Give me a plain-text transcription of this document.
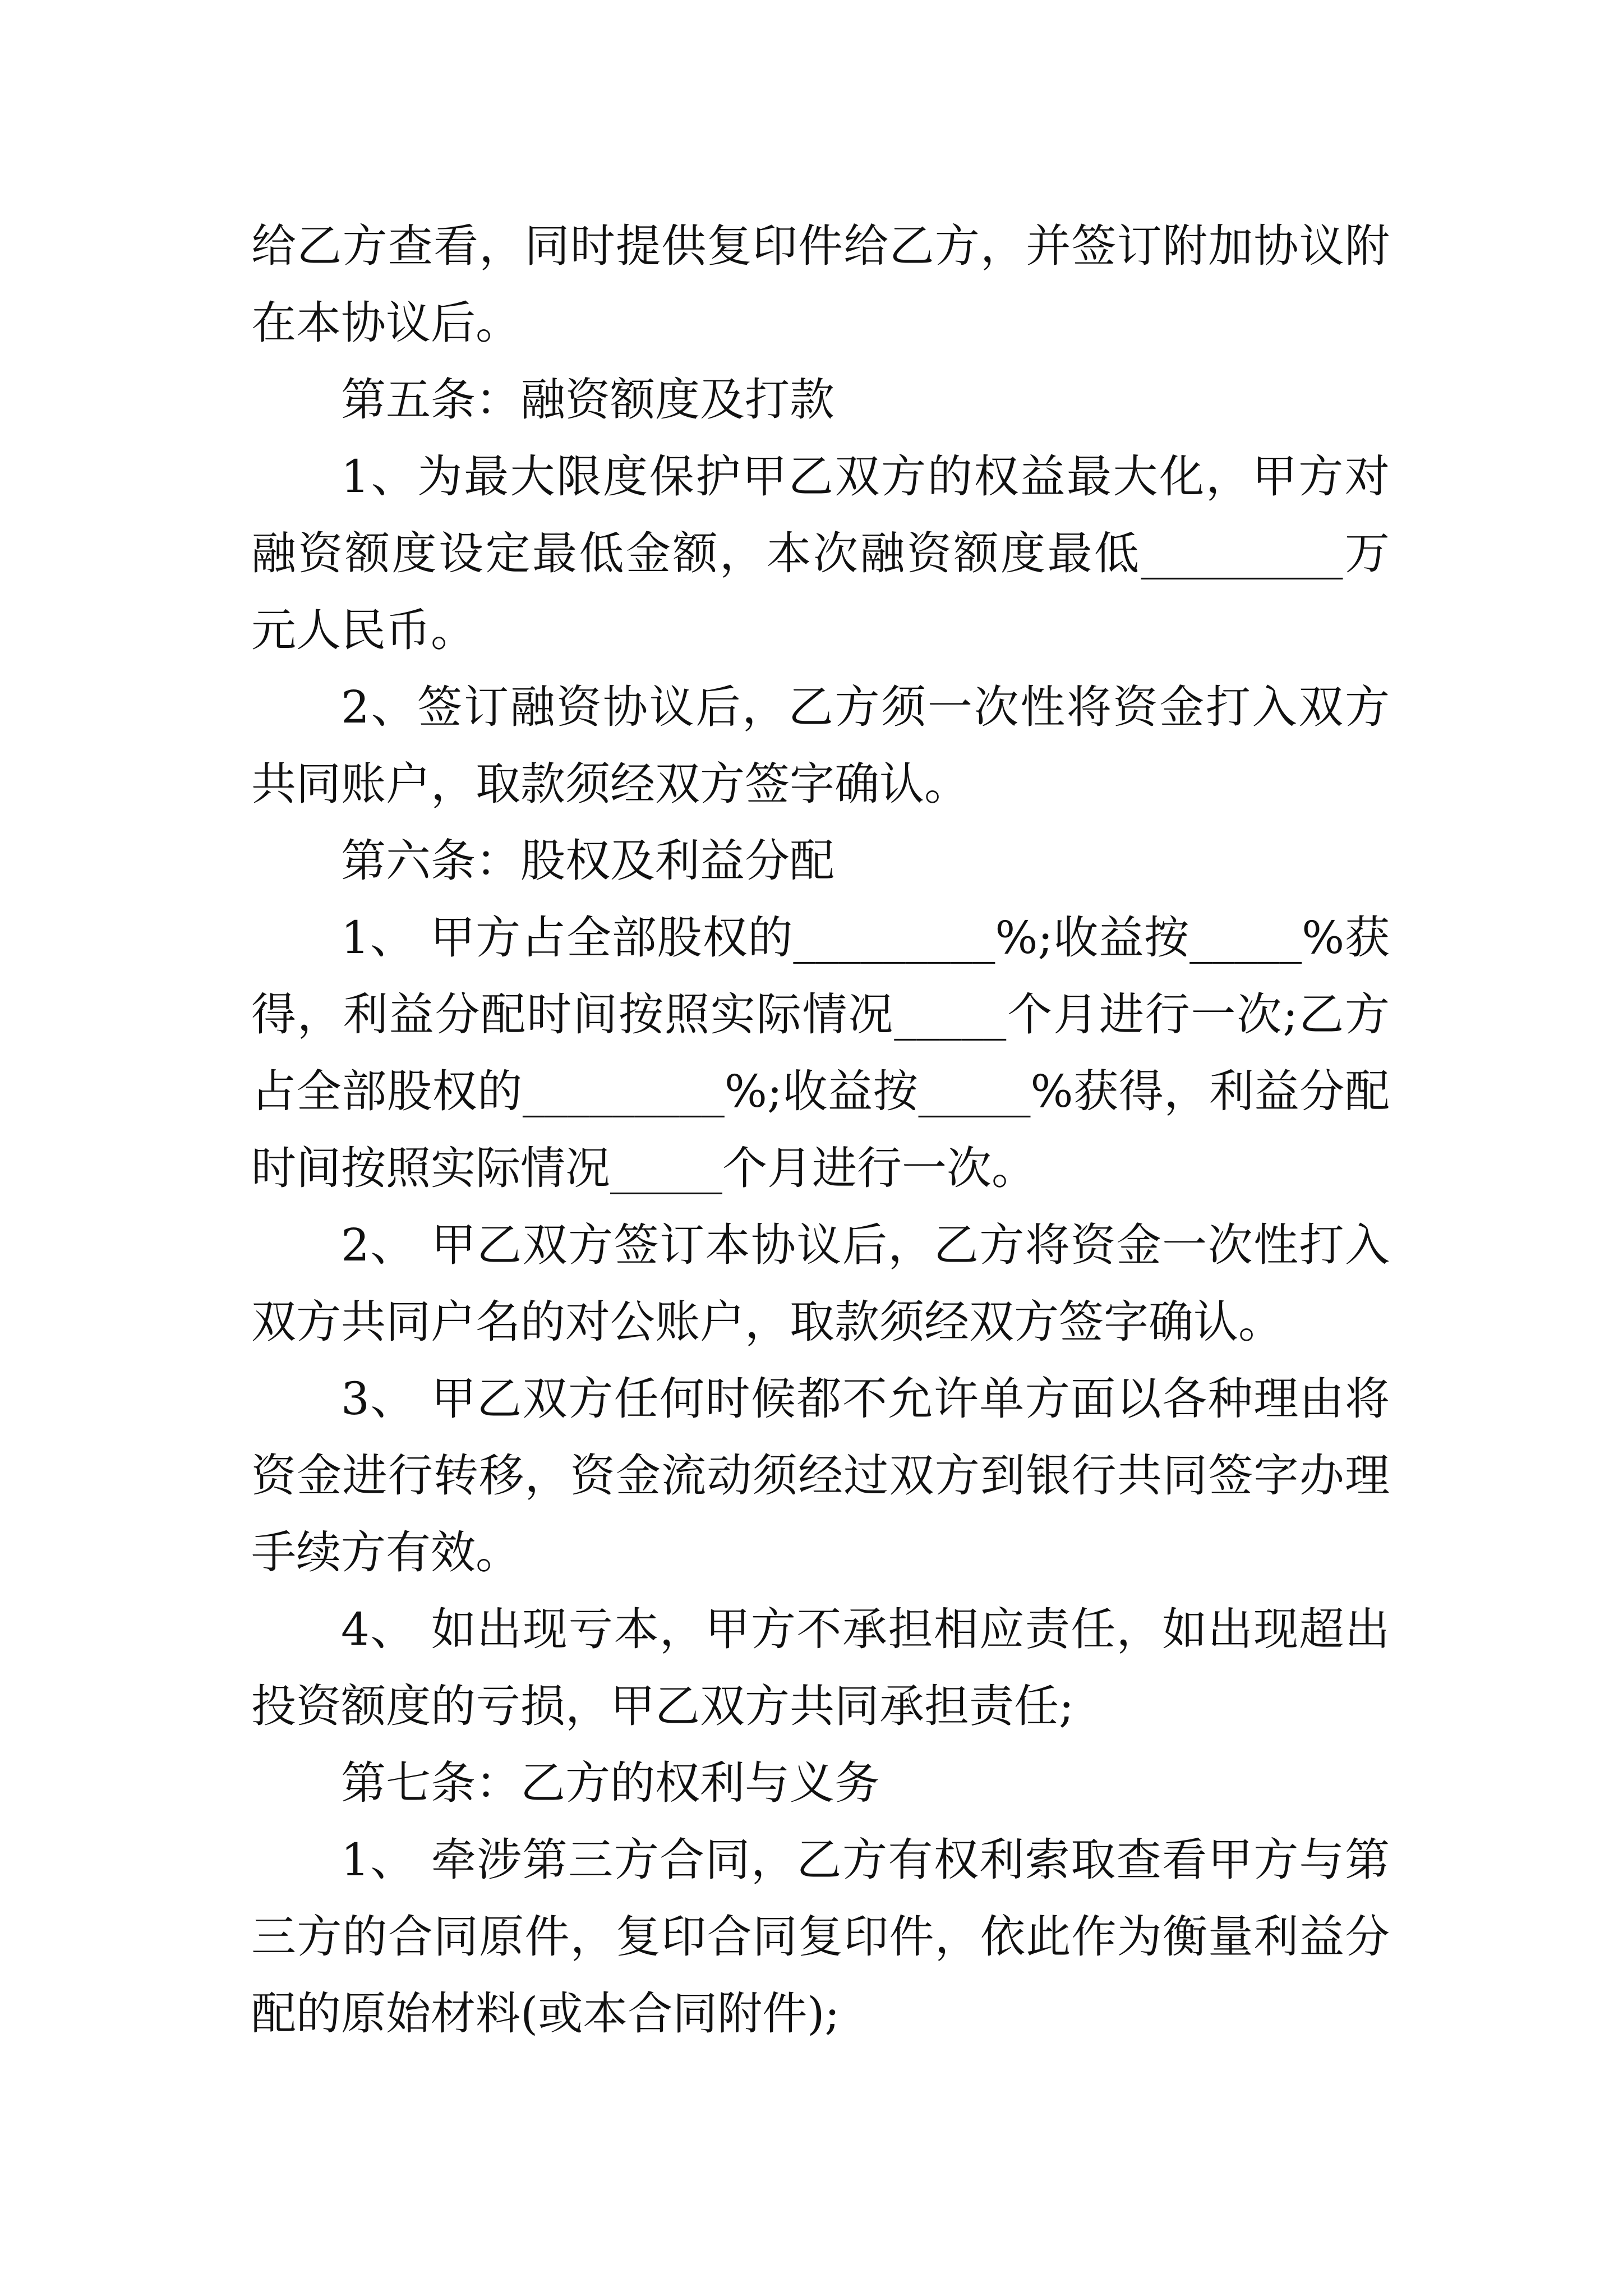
给乙方查看，同时提供复印件给乙方，并签订附加协议附在本协议后。

第五条：融资额度及打款

1、为最大限度保护甲乙双方的权益最大化，甲方对融资额度设定最低金额，本次融资额度最低_________万元人民币。

2、签订融资协议后，乙方须一次性将资金打入双方共同账户，取款须经双方签字确认。

第六条：股权及利益分配

1、 甲方占全部股权的_________%;收益按_____%获得，利益分配时间按照实际情况_____个月进行一次;乙方占全部股权的_________%;收益按_____%获得，利益分配时间按照实际情况_____个月进行一次。

2、 甲乙双方签订本协议后，乙方将资金一次性打入双方共同户名的对公账户，取款须经双方签字确认。

3、 甲乙双方任何时候都不允许单方面以各种理由将资金进行转移，资金流动须经过双方到银行共同签字办理手续方有效。

4、 如出现亏本，甲方不承担相应责任，如出现超出投资额度的亏损，甲乙双方共同承担责任;

第七条：乙方的权利与义务

1、 牵涉第三方合同，乙方有权利索取查看甲方与第三方的合同原件，复印合同复印件，依此作为衡量利益分配的原始材料(或本合同附件);
